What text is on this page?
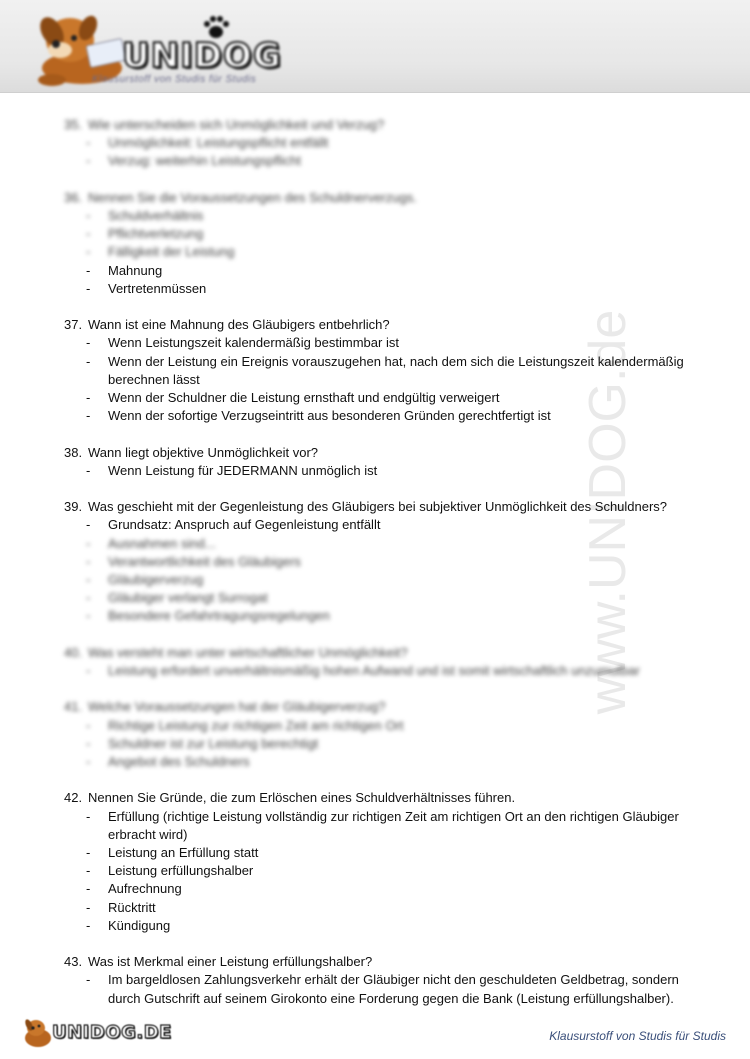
UNIDOG
Klausurstoff von Studis für Studis
www.UNIDOG.de
35. Wie unterscheiden sich Unmöglichkeit und Verzug?
-	Unmöglichkeit: Leistungspflicht entfällt
-	Verzug: weiterhin Leistungspflicht
36. Nennen Sie die Voraussetzungen des Schuldnerverzugs.
-	Schuldverhältnis
-	Pflichtverletzung
-	Fälligkeit der Leistung
-	Mahnung
-	Vertretenmüssen
37. Wann ist eine Mahnung des Gläubigers entbehrlich?
-	Wenn Leistungszeit kalendermäßig bestimmbar ist
-	Wenn der Leistung ein Ereignis vorauszugehen hat, nach dem sich die Leistungszeit kalendermäßig berechnen lässt
-	Wenn der Schuldner die Leistung ernsthaft und endgültig verweigert
-	Wenn der sofortige Verzugseintritt aus besonderen Gründen gerechtfertigt ist
38. Wann liegt objektive Unmöglichkeit vor?
-	Wenn Leistung für JEDERMANN unmöglich ist
39. Was geschieht mit der Gegenleistung des Gläubigers bei subjektiver Unmöglichkeit des Schuldners?
-	Grundsatz: Anspruch auf Gegenleistung entfällt
-	Ausnahmen sind...
-	Verantwortlichkeit des Gläubigers
-	Gläubigerverzug
-	Gläubiger verlangt Surrogat
-	Besondere Gefahrtragungsregelungen
40. Was versteht man unter wirtschaftlicher Unmöglichkeit?
-	Leistung erfordert unverhältnismäßig hohen Aufwand und ist somit wirtschaftlich unzumutbar
41. Welche Voraussetzungen hat der Gläubigerverzug?
-	Richtige Leistung zur richtigen Zeit am richtigen Ort
-	Schuldner ist zur Leistung berechtigt
-	Angebot des Schuldners
42. Nennen Sie Gründe, die zum Erlöschen eines Schuldverhältnisses führen.
-	Erfüllung (richtige Leistung vollständig zur richtigen Zeit am richtigen Ort an den richtigen Gläubiger erbracht wird)
-	Leistung an Erfüllung statt
-	Leistung erfüllungshalber
-	Aufrechnung
-	Rücktritt
-	Kündigung
43. Was ist Merkmal einer Leistung erfüllungshalber?
-	Im bargeldlosen Zahlungsverkehr erhält der Gläubiger nicht den geschuldeten Geldbetrag, sondern durch Gutschrift auf seinem Girokonto eine Forderung gegen die Bank (Leistung erfüllungshalber).
UNIDOG.DE	Klausurstoff von Studis für Studis
